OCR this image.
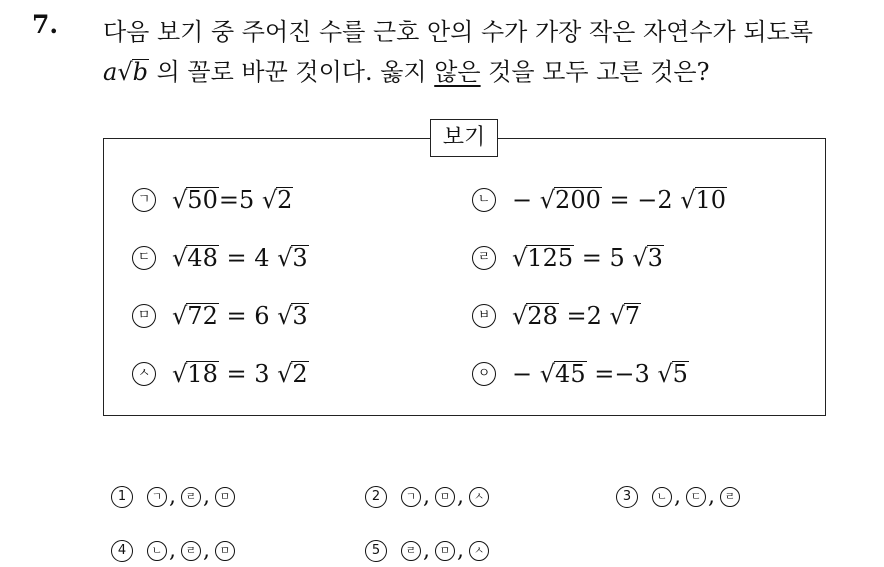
7. 다음 보기 중 주어진 수를 근호 안의 수가 가장 작은 자연수가 되도록
a√b 의 꼴로 바꾼 것이다. 옳지 않은 것을 모두 고른 것은?
보기
ㄱ √50=5 √2	ㄴ − √200 = −2 √10
ㄷ √48 = 4 √3	ㄹ √125 = 5 √3
ㅁ √72 = 6 √3	ㅂ √28 =2 √7
ㅅ √18 = 3 √2	ㅇ − √45 =−3 √5
1	ㄱ , ㄹ , ㅁ	2	ㄱ , ㅁ , ㅅ	3	ㄴ , ㄷ , ㄹ
4	ㄴ , ㄹ , ㅁ	5	ㄹ , ㅁ , ㅅ
